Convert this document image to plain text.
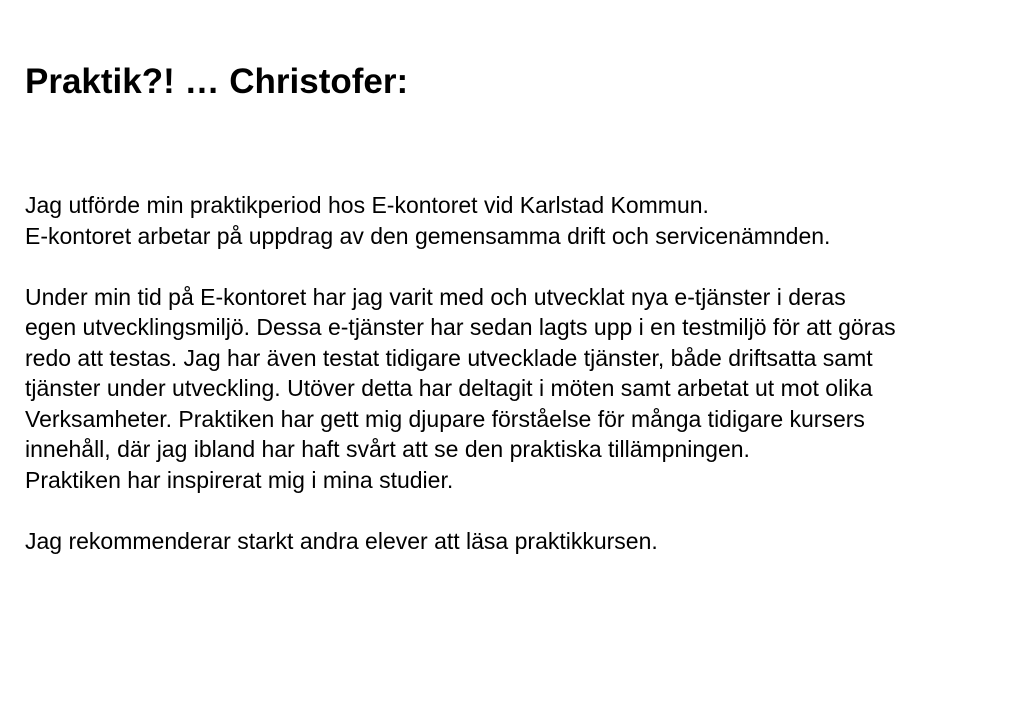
Praktik?! … Christofer:

Jag utförde min praktikperiod hos E-kontoret vid Karlstad Kommun.
E-kontoret arbetar på uppdrag av den gemensamma drift och servicenämnden.

Under min tid på E-kontoret har jag varit med och utvecklat nya e-tjänster i deras
egen utvecklingsmiljö. Dessa e-tjänster har sedan lagts upp i en testmiljö för att göras
redo att testas. Jag har även testat tidigare utvecklade tjänster, både driftsatta samt
tjänster under utveckling. Utöver detta har deltagit i möten samt arbetat ut mot olika
Verksamheter. Praktiken har gett mig djupare förståelse för många tidigare kursers
innehåll, där jag ibland har haft svårt att se den praktiska tillämpningen.
Praktiken har inspirerat mig i mina studier.

Jag rekommenderar starkt andra elever att läsa praktikkursen.
